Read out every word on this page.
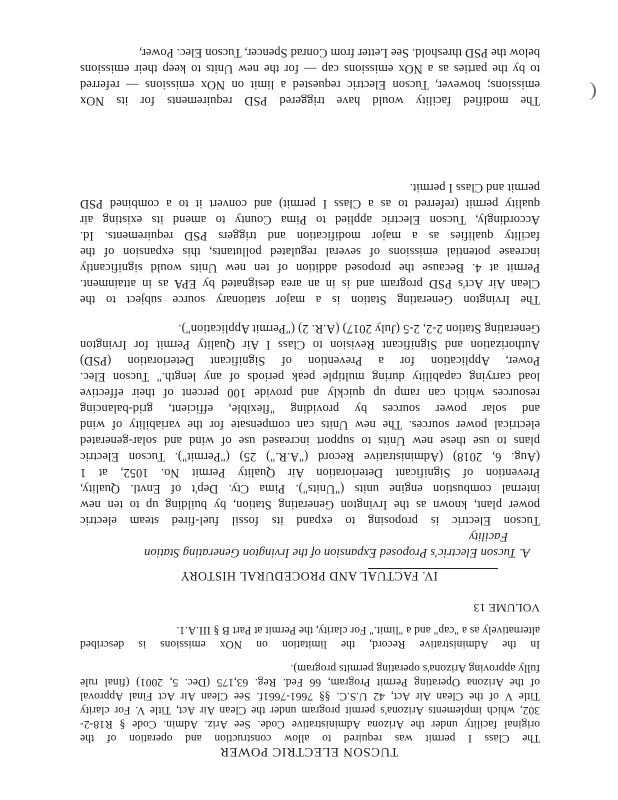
TUCSON ELECTRIC POWER
The modified facility would have triggered PSD requirements for its NOx
emissions; however, Tucson Electric requested a limit on NOx emissions — referred
to by the parties as a NOx emissions cap — for the new Units to keep their emissions
below the PSD threshold. See Letter from Conrad Spencer, Tucson Elec. Power,
The Irvington Generating Station is a major stationary source subject to the
Clean Air Act's PSD program and is in an area designated by EPA as in attainment.
Permit at 4. Because the proposed addition of ten new Units would significantly
increase potential emissions of several regulated pollutants, this expansion of the
facility qualifies as a major modification and triggers PSD requirements. Id.
Accordingly, Tucson Electric applied to Pima County to amend its existing air
quality permit (referred to as a Class I permit) and convert it to a combined PSD
permit and Class I permit.
Tucson Electric is proposing to expand its fossil fuel-fired steam electric
power plant, known as the Irvington Generating Station, by building up to ten new
internal combustion engine units ("Units"). Pima Cty. Dep't of Envtl. Quality,
Prevention of Significant Deterioration Air Quality Permit No. 1052, at 1
(Aug. 6, 2018) (Administrative Record ("A.R.") 25) ("Permit"). Tucson Electric
plans to use these new Units to support increased use of wind and solar-generated
electrical power sources. The new Units can compensate for the variability of wind
and solar power sources by providing "flexible, efficient, grid-balancing
resources which can ramp up quickly and provide 100 percent of their effective
load carrying capability during multiple peak periods of any length." Tucson Elec.
Power, Application for a Prevention of Significant Deterioration (PSD)
Authorization and Significant Revision to Class I Air Quality Permit for Irvington
Generating Station 2-2, 2-5 (July 2017) (A.R. 2) ("Permit Application").
A. Tucson Electric's Proposed Expansion of the Irvington Generating Station
Facility
IV. FACTUAL AND PROCEDURAL HISTORY
VOLUME 13
The Class I permit was required to allow construction and operation of the
original facility under the Arizona Administrative Code. See Ariz. Admin. Code § R18-2-
302, which implements Arizona's permit program under the Clean Air Act, Title V. For clarity
Title V of the Clean Air Act, 42 U.S.C. §§ 7661-7661f. See Clean Air Act Final Approval
of the Arizona Operating Permit Program, 66 Fed. Reg. 63,175 (Dec. 5, 2001) (final rule
fully approving Arizona's operating permits program).
In the Administrative Record, the limitation on NOx emissions is described
alternatively as a "cap" and a "limit." For clarity, the Permit at Part B § III.A.1.
